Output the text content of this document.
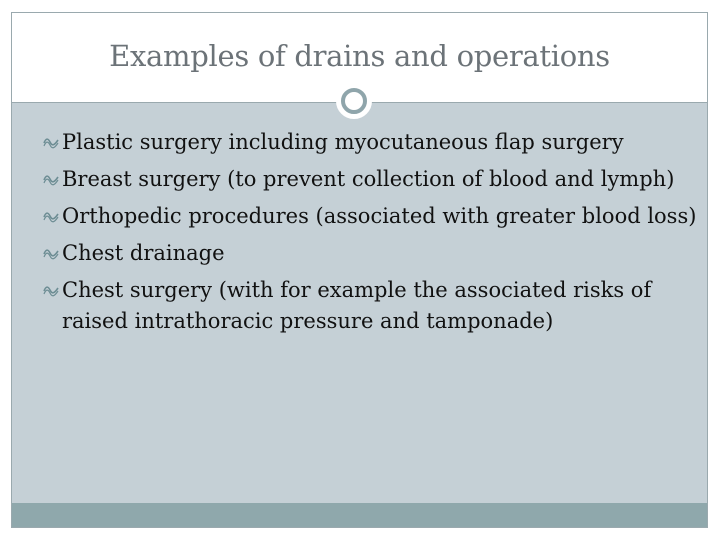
Examples of drains and operations
Plastic surgery including myocutaneous flap surgery
Breast surgery (to prevent collection of blood and lymph)
Orthopedic procedures (associated with greater blood loss)
Chest drainage
Chest surgery (with for example the associated risks of raised intrathoracic pressure and tamponade)
